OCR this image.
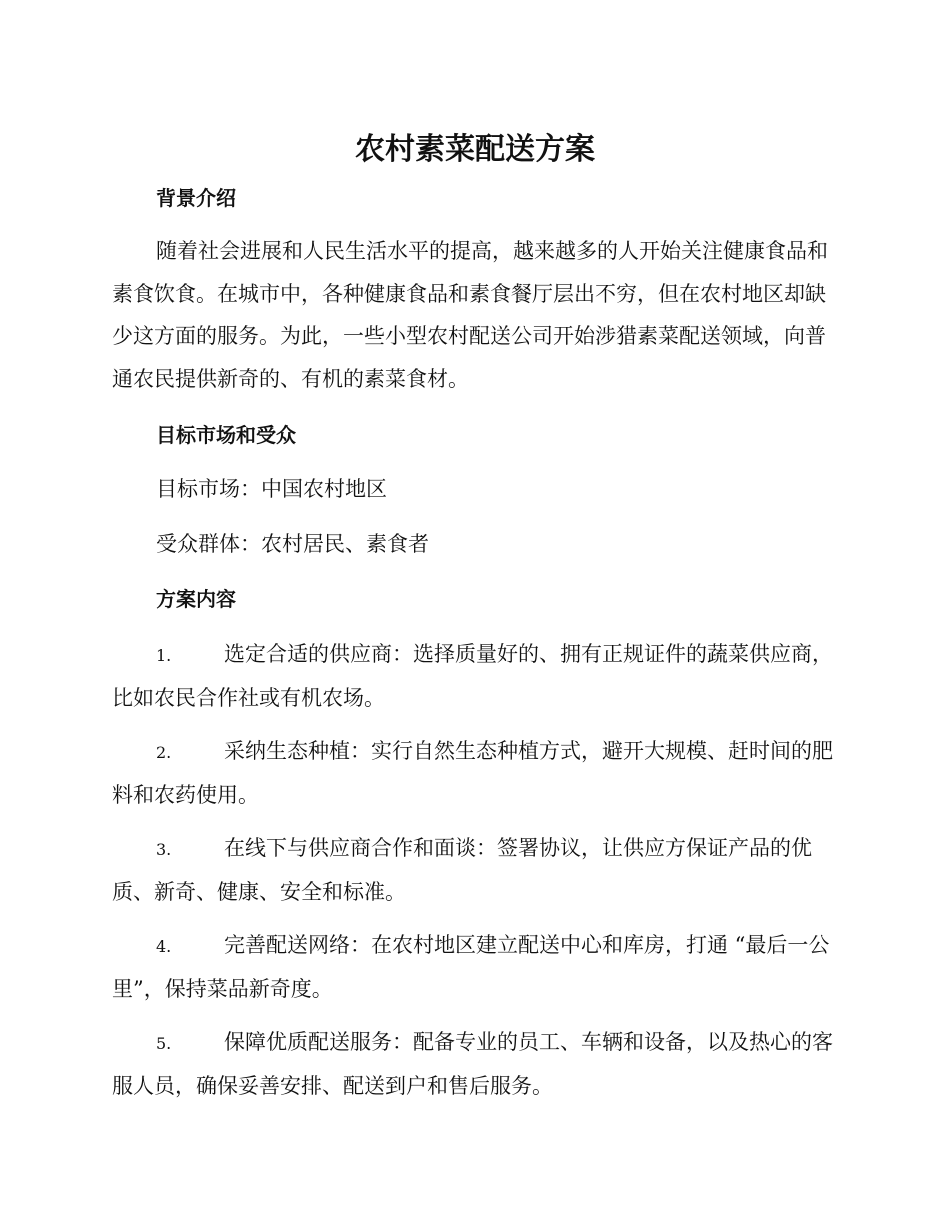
农村素菜配送方案
背景介绍

随着社会进展和人民生活水平的提高，越来越多的人开始关注健康食品和素食饮食。在城市中，各种健康食品和素食餐厅层出不穷，但在农村地区却缺少这方面的服务。为此，一些小型农村配送公司开始涉猎素菜配送领域，向普通农民提供新奇的、有机的素菜食材。

目标市场和受众

目标市场：中国农村地区

受众群体：农村居民、素食者

方案内容

1.	选定合适的供应商：选择质量好的、拥有正规证件的蔬菜供应商，比如农民合作社或有机农场。

2.	采纳生态种植：实行自然生态种植方式，避开大规模、赶时间的肥料和农药使用。

3.	在线下与供应商合作和面谈：签署协议，让供应方保证产品的优质、新奇、健康、安全和标准。

4.	完善配送网络：在农村地区建立配送中心和库房，打通 “最后一公里”，保持菜品新奇度。

5.	保障优质配送服务：配备专业的员工、车辆和设备，以及热心的客服人员，确保妥善安排、配送到户和售后服务。
